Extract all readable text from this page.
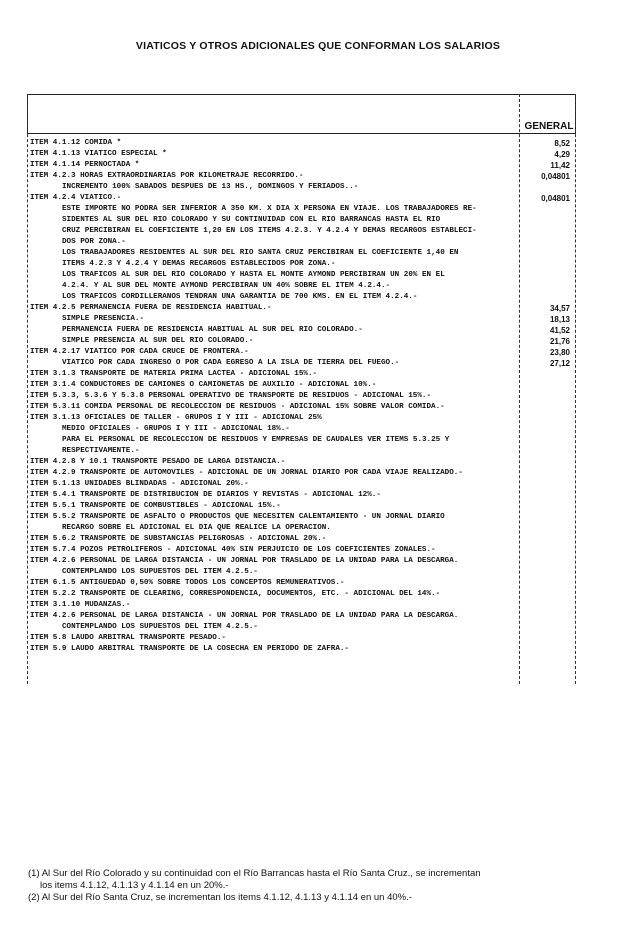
VIATICOS Y OTROS ADICIONALES QUE CONFORMAN LOS SALARIOS
GENERAL
ITEM 4.1.12 COMIDA *	8,52
ITEM 4.1.13 VIATICO ESPECIAL *	4,29
ITEM 4.1.14 PERNOCTADA *	11,42
ITEM 4.2.3 HORAS EXTRAORDINARIAS POR KILOMETRAJE RECORRIDO.-	0,04801
INCREMENTO 100% SABADOS DESPUES DE 13 HS., DOMINGOS Y FERIADOS..-
ITEM 4.2.4 VIATICO.-	0,04801
ESTE IMPORTE NO PODRA SER INFERIOR A 350 KM. X DIA X PERSONA EN VIAJE. LOS TRABAJADORES RE-
SIDENTES AL SUR DEL RIO COLORADO Y SU CONTINUIDAD CON EL RIO BARRANCAS HASTA EL RIO
CRUZ PERCIBIRAN EL COEFICIENTE 1,20 EN LOS ITEMS 4.2.3. Y 4.2.4 Y DEMAS RECARGOS ESTABLECI-
DOS POR ZONA.-
LOS TRABAJADORES RESIDENTES AL SUR DEL RIO SANTA CRUZ PERCIBIRAN EL COEFICIENTE 1,40 EN
ITEMS 4.2.3 Y 4.2.4 Y DEMAS RECARGOS ESTABLECIDOS POR ZONA.-
LOS TRAFICOS AL SUR DEL RIO COLORADO Y HASTA EL MONTE AYMOND PERCIBIRAN UN 20% EN EL
4.2.4. Y AL SUR DEL MONTE AYMOND PERCIBIRAN UN 40% SOBRE EL ITEM 4.2.4.-
LOS TRAFICOS CORDILLERANOS TENDRAN UNA GARANTIA DE 700 KMS. EN EL ITEM 4.2.4.-
ITEM 4.2.5 PERMANENCIA FUERA DE RESIDENCIA HABITUAL.-	34,57
SIMPLE PRESENCIA.-	18,13
PERMANENCIA FUERA DE RESIDENCIA HABITUAL AL SUR DEL RIO COLORADO.-	41,52
SIMPLE PRESENCIA AL SUR DEL RIO COLORADO.-	21,76
ITEM 4.2.17 VIATICO POR CADA CRUCE DE FRONTERA.-	23,80
VIATICO POR CADA INGRESO O POR CADA EGRESO A LA ISLA DE TIERRA DEL FUEGO.-	27,12
ITEM 3.1.3 TRANSPORTE DE MATERIA PRIMA LACTEA - ADICIONAL 15%.-
ITEM 3.1.4 CONDUCTORES DE CAMIONES O CAMIONETAS DE AUXILIO - ADICIONAL 10%.-
ITEM 5.3.3, 5.3.6 Y 5.3.8 PERSONAL OPERATIVO DE TRANSPORTE DE RESIDUOS - ADICIONAL 15%.-
ITEM 5.3.11 COMIDA PERSONAL DE RECOLECCION DE RESIDUOS - ADICIONAL 15% SOBRE VALOR COMIDA.-
ITEM 3.1.13 OFICIALES DE TALLER - GRUPOS I Y III - ADICIONAL 25%
MEDIO OFICIALES - GRUPOS I Y III - ADICIONAL 18%.-
PARA EL PERSONAL DE RECOLECCION DE RESIDUOS Y EMPRESAS DE CAUDALES VER ITEMS 5.3.25 Y
RESPECTIVAMENTE.-
ITEM 4.2.8 Y 10.1 TRANSPORTE PESADO DE LARGA DISTANCIA.-
ITEM 4.2.9 TRANSPORTE DE AUTOMOVILES - ADICIONAL DE UN JORNAL DIARIO POR CADA VIAJE REALIZADO.-
ITEM 5.1.13 UNIDADES BLINDADAS - ADICIONAL 20%.-
ITEM 5.4.1 TRANSPORTE DE DISTRIBUCION DE DIARIOS Y REVISTAS - ADICIONAL 12%.-
ITEM 5.5.1 TRANSPORTE DE COMBUSTIBLES - ADICIONAL 15%.-
ITEM 5.5.2 TRANSPORTE DE ASFALTO O PRODUCTOS QUE NECESITEN CALENTAMIENTO - UN JORNAL DIARIO
RECARGO SOBRE EL ADICIONAL EL DIA QUE REALICE LA OPERACION.
ITEM 5.6.2 TRANSPORTE DE SUBSTANCIAS PELIGROSAS - ADICIONAL 20%.-
ITEM 5.7.4 POZOS PETROLIFEROS - ADICIONAL 40% SIN PERJUICIO DE LOS COEFICIENTES ZONALES.-
ITEM 4.2.6 PERSONAL DE LARGA DISTANCIA - UN JORNAL POR TRASLADO DE LA UNIDAD PARA LA DESCARGA.
CONTEMPLANDO LOS SUPUESTOS DEL ITEM 4.2.5.-
ITEM 6.1.5 ANTIGUEDAD 0,50% SOBRE TODOS LOS CONCEPTOS REMUNERATIVOS.-
ITEM 5.2.2 TRANSPORTE DE CLEARING, CORRESPONDENCIA, DOCUMENTOS, ETC. - ADICIONAL DEL 14%.-
ITEM 3.1.10 MUDANZAS.-
ITEM 4.2.6 PERSONAL DE LARGA DISTANCIA - UN JORNAL POR TRASLADO DE LA UNIDAD PARA LA DESCARGA.
CONTEMPLANDO LOS SUPUESTOS DEL ITEM 4.2.5.-
ITEM 5.8 LAUDO ARBITRAL TRANSPORTE PESADO.-
ITEM 5.9 LAUDO ARBITRAL TRANSPORTE DE LA COSECHA EN PERIODO DE ZAFRA.-
(1) Al Sur del Río Colorado y su continuidad con el Río Barrancas hasta el Río Santa Cruz., se incrementan
los items 4.1.12, 4.1.13 y 4.1.14 en un 20%.-
(2) Al Sur del Río Santa Cruz, se incrementan los items 4.1.12, 4.1.13 y 4.1.14 en un 40%.-
